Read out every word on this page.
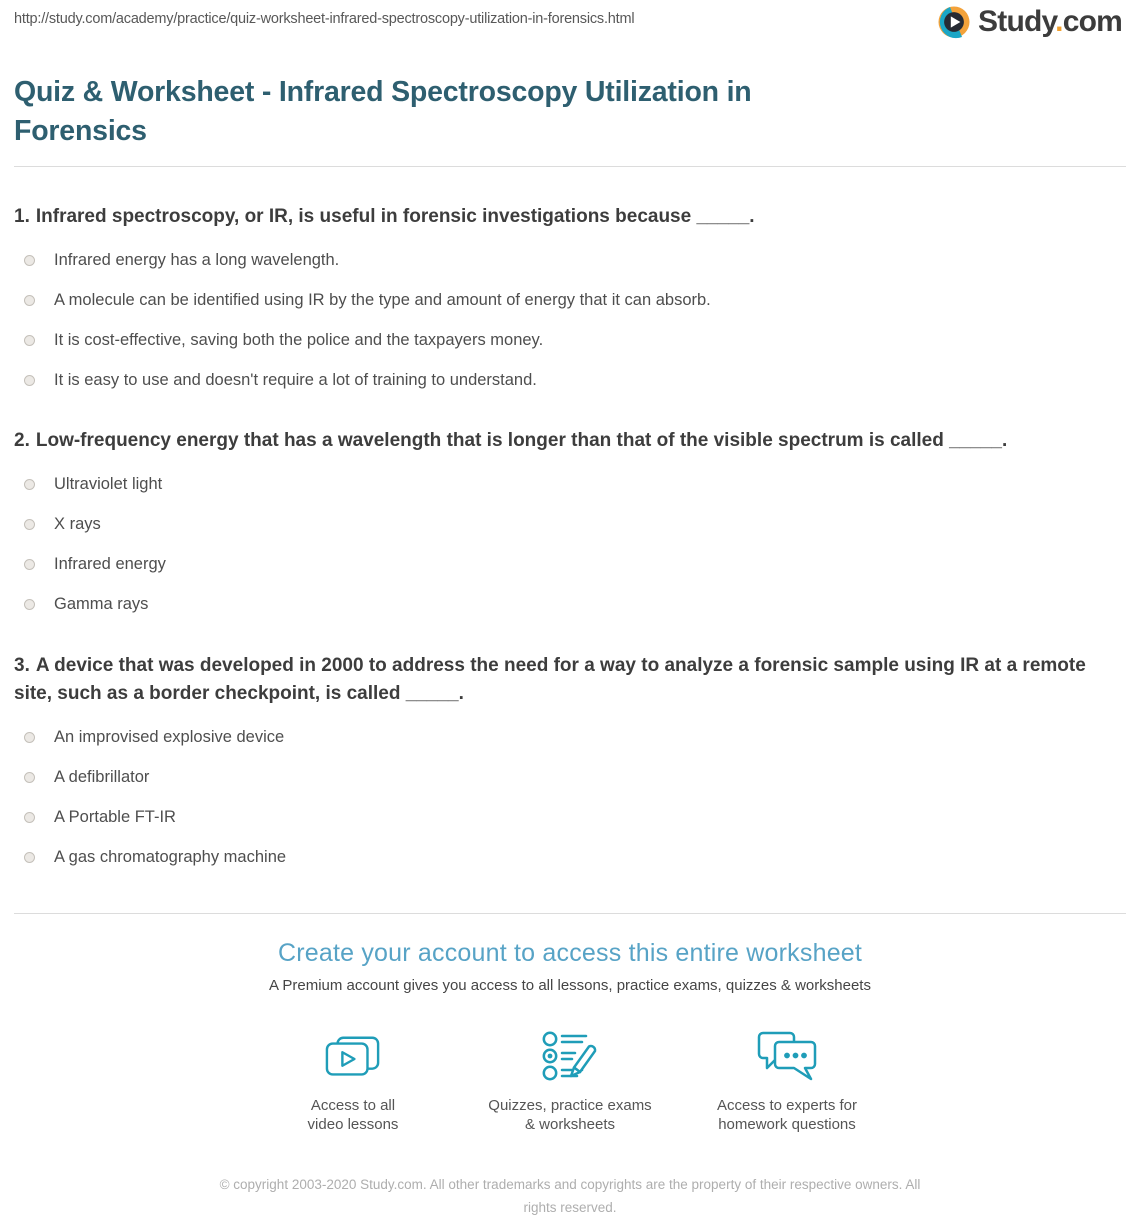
http://study.com/academy/practice/quiz-worksheet-infrared-spectroscopy-utilization-in-forensics.html	Study.com
Quiz & Worksheet - Infrared Spectroscopy Utilization in Forensics
1. Infrared spectroscopy, or IR, is useful in forensic investigations because _____.
Infrared energy has a long wavelength.
A molecule can be identified using IR by the type and amount of energy that it can absorb.
It is cost-effective, saving both the police and the taxpayers money.
It is easy to use and doesn't require a lot of training to understand.
2. Low-frequency energy that has a wavelength that is longer than that of the visible spectrum is called _____.
Ultraviolet light
X rays
Infrared energy
Gamma rays
3. A device that was developed in 2000 to address the need for a way to analyze a forensic sample using IR at a remote site, such as a border checkpoint, is called _____.
An improvised explosive device
A defibrillator
A Portable FT-IR
A gas chromatography machine
Create your account to access this entire worksheet
A Premium account gives you access to all lessons, practice exams, quizzes & worksheets
Access to all video lessons
Quizzes, practice exams & worksheets
Access to experts for homework questions
© copyright 2003-2020 Study.com. All other trademarks and copyrights are the property of their respective owners. All rights reserved.
